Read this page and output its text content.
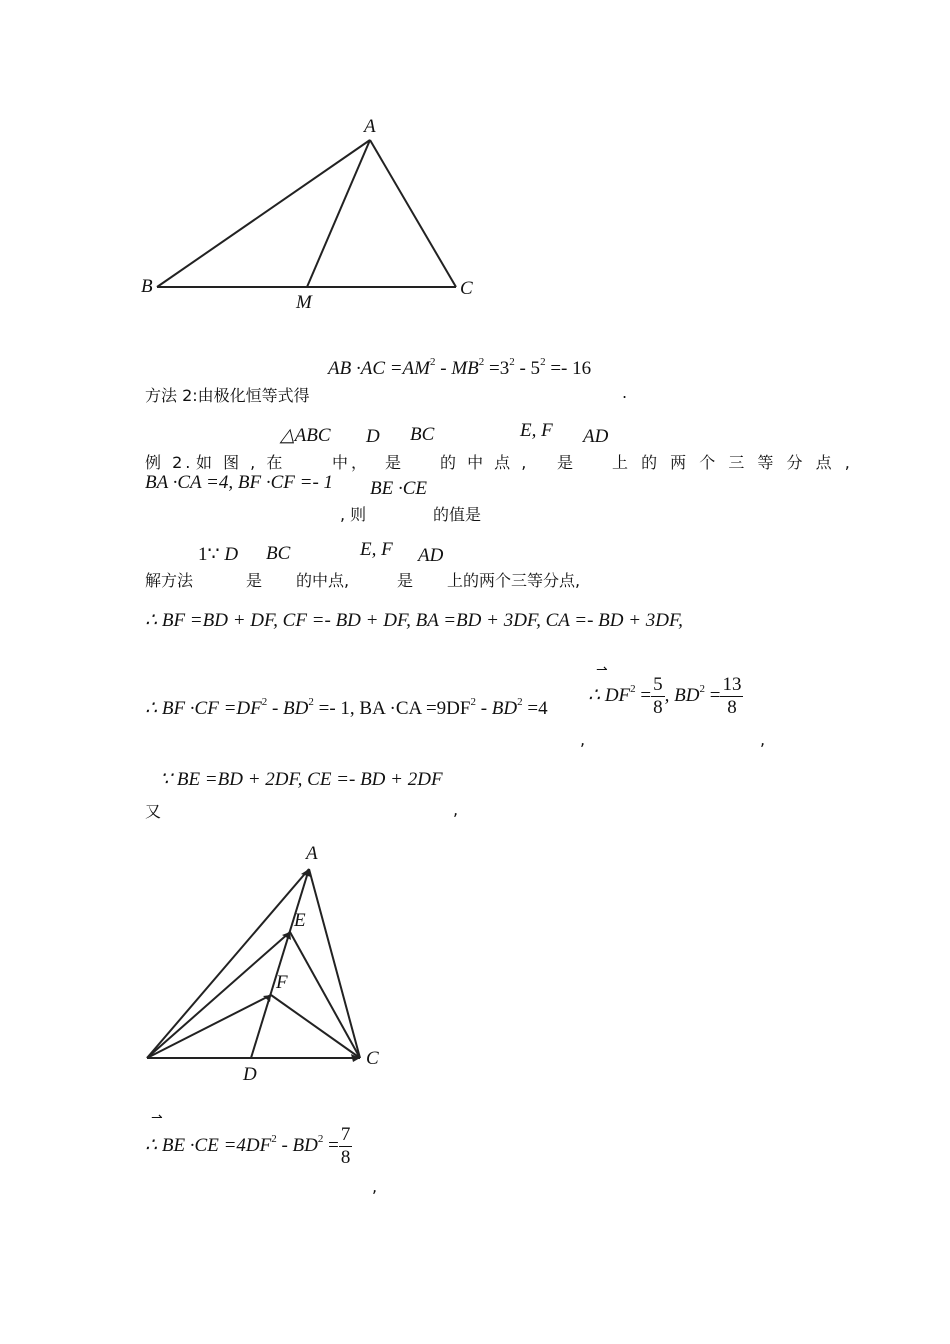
A
B
M
C
AB $\cdot AC =AM^2 - MB^2 =3^2 - 5^2 =- 16$
方法 2:由极化恒等式得	.
△ABC D BC	E, F AD
例 2. 如 图 , 在	中， 是 的 中 点 , 是 上 的 两 个 三 等 分 点 ,
BA ·CA =4, BF ·CF =- 1 BE ·CE
, 则	的值是
1∵ D BC	E, F AD
解方法	是 的中点,	是 上的两个三等分点,
∴ BF =BD + DF, CF =- BD + DF, BA =BD + 3DF, CA =- BD + 3DF,
∴ BF $\cdot CF =DF^2 - BD^2 =- 1$, BA $\cdot CA =9DF^2 - BD^2 =4$
⇀
∴ $DF^2 = \frac{5}{8}$ , $BD^2 = \frac{13}{8}$
,	,
∵ BE =BD + 2DF, CE =- BD + 2DF
又	,
A
E
F
D
C
⇀
∴ BE $\cdot CE =4DF^2 - BD^2 = \frac{7}{8}$
,
